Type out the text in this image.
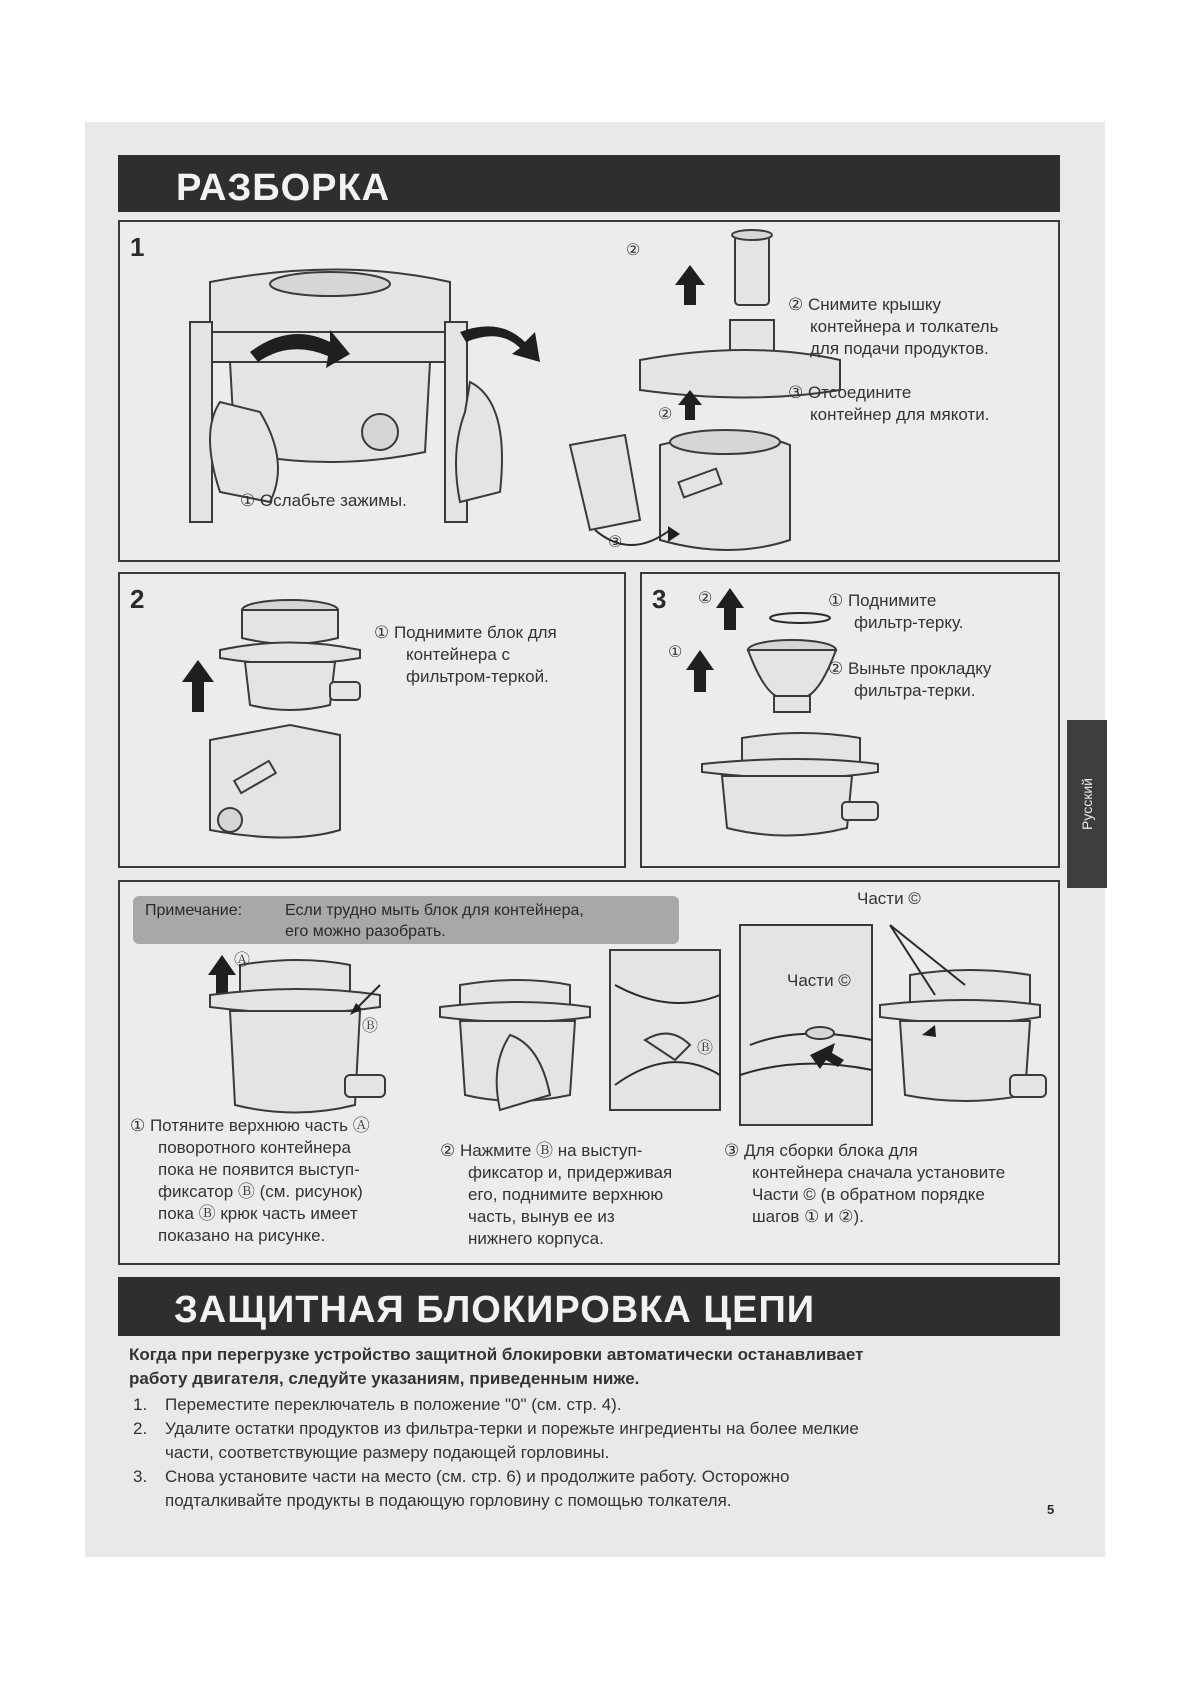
РАЗБОРКА
1
① Ослабьте зажимы.
②
②
③
② Снимите крышку
контейнера и толкатель
для подачи продуктов.
③ Отсоедините
контейнер для мякоти.
2
① Поднимите блок для
контейнера с
фильтром-теркой.
3 ②
①
① Поднимите
фильтр-терку.
② Выньте прокладку
фильтра-терки.
Русский
Примечание:	Если трудно мыть блок для контейнера,
его можно разобрать.
Части ©
Ⓐ
Ⓑ
Ⓑ
Части ©
① Потяните верхнюю часть Ⓐ
поворотного контейнера
пока не появится выступ-
фиксатор Ⓑ (см. рисунок)
пока Ⓑ крюк часть имеет
показано на рисунке.
② Нажмите Ⓑ на выступ-
фиксатор и, придерживая
его, поднимите верхнюю
часть, вынув ее из
нижнего корпуса.
③ Для сборки блока для
контейнера сначала установите
Части © (в обратном порядке
шагов ① и ②).
ЗАЩИТНАЯ БЛОКИРОВКА ЦЕПИ
Когда при перегрузке устройство защитной блокировки автоматически останавливает
работу двигателя, следуйте указаниям, приведенным ниже.
1. Переместите переключатель в положение "0" (см. стр. 4).
2. Удалите остатки продуктов из фильтра-терки и порежьте ингредиенты на более мелкие
части, соответствующие размеру подающей горловины.
3. Снова установите части на место (см. стр. 6) и продолжите работу. Осторожно
подталкивайте продукты в подающую горловину с помощью толкателя.	5
